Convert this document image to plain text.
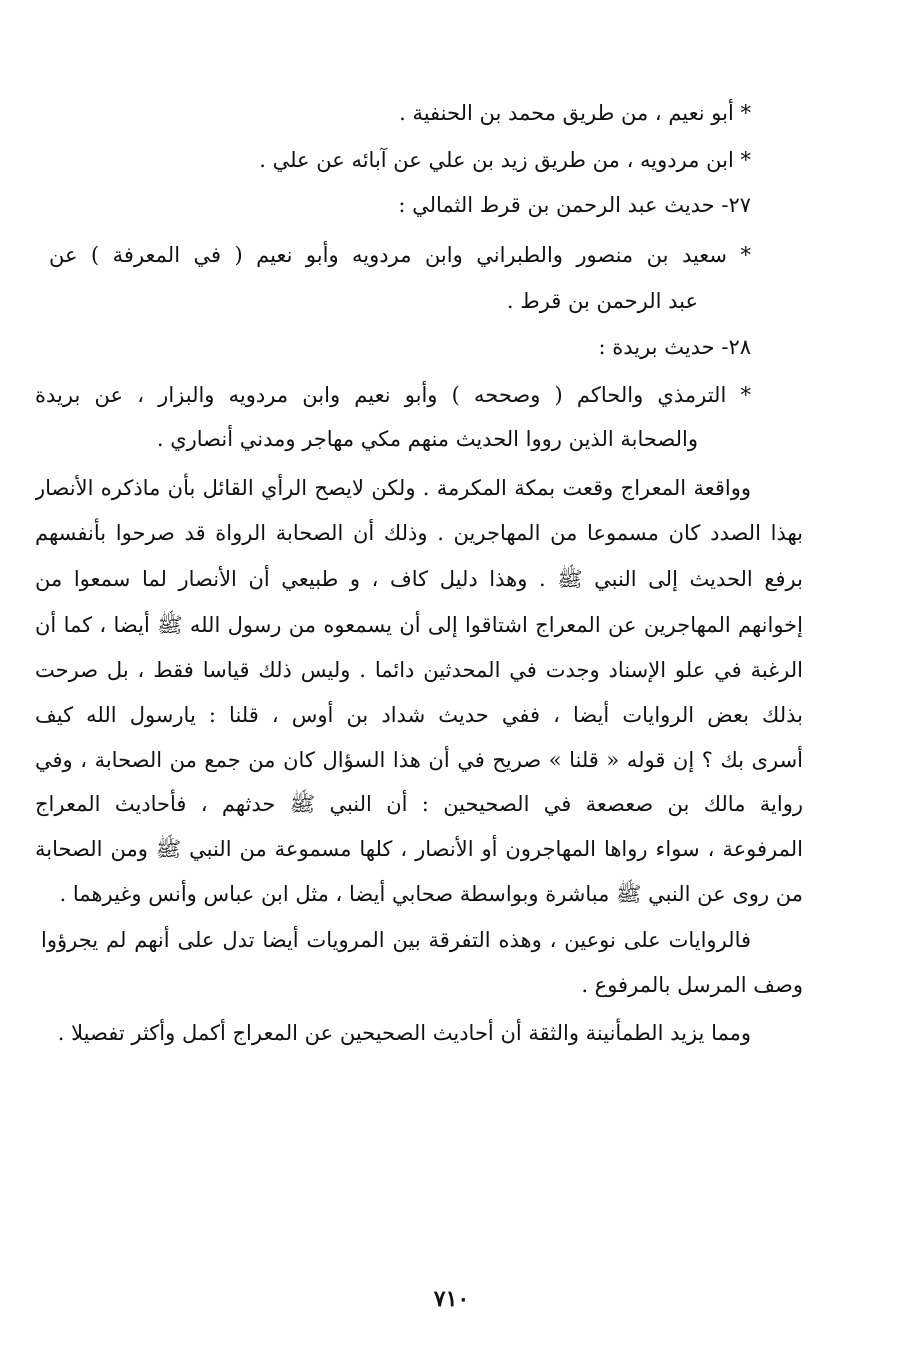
* أبو نعيم ، من طريق محمد بن الحنفية .
* ابن مردويه ، من طريق زيد بن علي عن آبائه عن علي .
٢٧- حديث عبد الرحمن بن قرط الثمالي :
* سعيد بن منصور والطبراني وابن مردويه وأبو نعيم ( في المعرفة ) عن
عبد الرحمن بن قرط .
٢٨- حديث بريدة :
* الترمذي والحاكم ( وصححه ) وأبو نعيم وابن مردويه والبزار ، عن بريدة
والصحابة الذين رووا الحديث منهم مكي مهاجر ومدني أنصاري .
وواقعة المعراج وقعت بمكة المكرمة . ولكن لايصح الرأي القائل بأن ماذكره الأنصار
بهذا الصدد كان مسموعا من المهاجرين . وذلك أن الصحابة الرواة قد صرحوا بأنفسهم
برفع الحديث إلى النبي ﷺ . وهذا دليل كاف ، و طبيعي أن الأنصار لما سمعوا من
إخوانهم المهاجرين عن المعراج اشتاقوا إلى أن يسمعوه من رسول الله ﷺ أيضا ، كما أن
الرغبة في علو الإسناد وجدت في المحدثين دائما . وليس ذلك قياسا فقط ، بل صرحت
بذلك بعض الروايات أيضا ، ففي حديث شداد بن أوس ، قلنا : يارسول الله كيف
أسرى بك ؟ إن قوله « قلنا » صريح في أن هذا السؤال كان من جمع من الصحابة ، وفي
رواية مالك بن صعصعة في الصحيحين : أن النبي ﷺ حدثهم ، فأحاديث المعراج
المرفوعة ، سواء رواها المهاجرون أو الأنصار ، كلها مسموعة من النبي ﷺ ومن الصحابة
من روى عن النبي ﷺ مباشرة وبواسطة صحابي أيضا ، مثل ابن عباس وأنس وغيرهما .
فالروايات على نوعين ، وهذه التفرقة بين المرويات أيضا تدل على أنهم لم يجرؤوا
وصف المرسل بالمرفوع .
ومما يزيد الطمأنينة والثقة أن أحاديث الصحيحين عن المعراج أكمل وأكثر تفصيلا .
٧١٠
